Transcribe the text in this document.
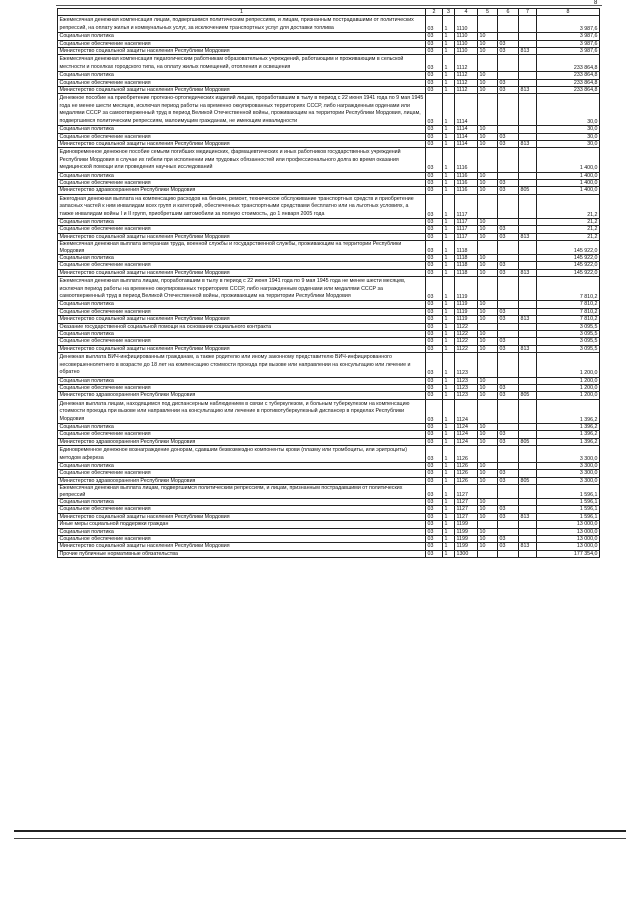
8
1	2	3	4	5	6	7	8
Ежемесячная денежная компенсация лицам, подвергшимся политическим репрессиям, и лицам, признанным пострадавшими от политических репрессий, на оплату жилья и коммунальных услуг, за исключением транспортных услуг для доставки топлива	03	1	1110				3 987,6
Социальная политика	03	1	1110	10			3 987,6
Социальное обеспечение населения	03	1	1110	10	03		3 987,6
Министерство социальной защиты населения Республики Мордовия	03	1	1110	10	03	813	3 987,6
Ежемесячная денежная компенсация педагогическим работникам образовательных учреждений, работающим и проживающим в сельской местности и поселках городского типа, на оплату жилых помещений, отопления и освещения	03	1	1112				233 864,8
Социальная политика	03	1	1112	10			233 864,8
Социальное обеспечение населения	03	1	1112	10	03		233 864,8
Министерство социальной защиты населения Республики Мордовия	03	1	1112	10	03	813	233 864,8
Денежное пособие на приобретение протезно-ортопедических изделий лицам, проработавшим в тылу в период с 22 июня 1941 года по 9 мая 1945 года не менее шести месяцев, исключая период работы на временно оккупированных территориях СССР, либо награжденным орденами или медалями СССР за самоотверженный труд в период Великой Отечественной войны, проживающим на территории Республики Мордовия, лицам, подвергшимся политическим репрессиям, малоимущим гражданам, не имеющим инвалидности	03	1	1114				30,0
Социальная политика	03	1	1114	10			30,0
Социальное обеспечение населения	03	1	1114	10	03		30,0
Министерство социальной защиты населения Республики Мордовия	03	1	1114	10	03	813	30,0
Единовременное денежное пособие семьям погибших медицинских, фармацевтических и иных работников государственных учреждений Республики Мордовия в случае их гибели при исполнении ими трудовых обязанностей или профессионального долга во время оказания медицинской помощи или проведения научных исследований	03	1	1116				1 400,0
Социальная политика	03	1	1116	10			1 400,0
Социальное обеспечение населения	03	1	1116	10	03		1 400,0
Министерство здравоохранения Республики Мордовия	03	1	1116	10	03	805	1 400,0
Ежегодная денежная выплата на компенсацию расходов на бензин, ремонт, техническое обслуживание транспортных средств и приобретение запасных частей к ним инвалидам всех групп и категорий, обеспеченных транспортными средствами бесплатно или на льготных условиях, а также инвалидам войны I и II групп, приобретшим автомобили за полную стоимость, до 1 января 2005 года	03	1	1117				21,2
Социальная политика	03	1	1117	10			21,2
Социальное обеспечение населения	03	1	1117	10	03		21,2
Министерство социальной защиты населения Республики Мордовия	03	1	1117	10	03	813	21,2
Ежемесячная денежная выплата ветеранам труда, военной службы и государственной службы, проживающим на территории Республики Мордовия	03	1	1118				145 922,0
Социальная политика	03	1	1118	10			145 922,0
Социальное обеспечение населения	03	1	1118	10	03		145 922,0
Министерство социальной защиты населения Республики Мордовия	03	1	1118	10	03	813	145 922,0
Ежемесячная денежная выплата лицам, проработавшим в тылу в период с 22 июня 1941 года по 9 мая 1945 года не менее шести месяцев, исключая период работы на временно оккупированных территориях СССР, либо награжденным орденами или медалями СССР за самоотверженный труд в период Великой Отечественной войны, проживающим на территории Республики Мордовия	03	1	1119				7 810,2
Социальная политика	03	1	1119	10			7 810,2
Социальное обеспечение населения	03	1	1119	10	03		7 810,2
Министерство социальной защиты населения Республики Мордовия	03	1	1119	10	03	813	7 810,2
Оказание государственной социальной помощи на основании социального контракта	03	1	1122				3 095,5
Социальная политика	03	1	1122	10			3 095,5
Социальное обеспечение населения	03	1	1122	10	03		3 095,5
Министерство социальной защиты населения Республики Мордовия	03	1	1122	10	03	813	3 095,5
Денежная выплата ВИЧ-инфицированным гражданам, а также родителю или иному законному представителю ВИЧ-инфицированного несовершеннолетнего в возрасте до 18 лет на компенсацию стоимости проезда при вызове или направлении на консультацию или лечение и обратно	03	1	1123				1 200,0
Социальная политика	03	1	1123	10			1 200,0
Социальное обеспечение населения	03	1	1123	10	03		1 200,0
Министерство здравоохранения Республики Мордовия	03	1	1123	10	03	805	1 200,0
Денежная выплата лицам, находящимся под диспансерным наблюдением в связи с туберкулезом, и больным туберкулезом на компенсацию стоимости проезда при вызове или направлении на консультацию или лечение в противотуберкулезный диспансер в пределах Республики Мордовия	03	1	1124				1 396,2
Социальная политика	03	1	1124	10			1 396,2
Социальное обеспечение населения	03	1	1124	10	03		1 396,2
Министерство здравоохранения Республики Мордовия	03	1	1124	10	03	805	1 396,2
Единовременное денежное вознаграждение донорам, сдавшим безвозмездно компоненты крови (плазму или тромбоциты, или эритроциты) методом афереза	03	1	1126				3 300,0
Социальная политика	03	1	1126	10			3 300,0
Социальное обеспечение населения	03	1	1126	10	03		3 300,0
Министерство здравоохранения Республики Мордовия	03	1	1126	10	03	805	3 300,0
Ежемесячная денежная выплата лицам, подвергшимся политическим репрессиям, и лицам, признанным пострадавшими от политических репрессий	03	1	1127				1 596,1
Социальная политика	03	1	1127	10			1 596,1
Социальное обеспечение населения	03	1	1127	10	03		1 596,1
Министерство социальной защиты населения Республики Мордовия	03	1	1127	10	03	813	1 596,1
Иные меры социальной поддержки граждан	03	1	1199				13 000,0
Социальная политика	03	1	1199	10			13 000,0
Социальное обеспечение населения	03	1	1199	10	03		13 000,0
Министерство социальной защиты населения Республики Мордовия	03	1	1199	10	03	813	13 000,0
Прочие публичные нормативные обязательства	03	1	1300				177 354,0
